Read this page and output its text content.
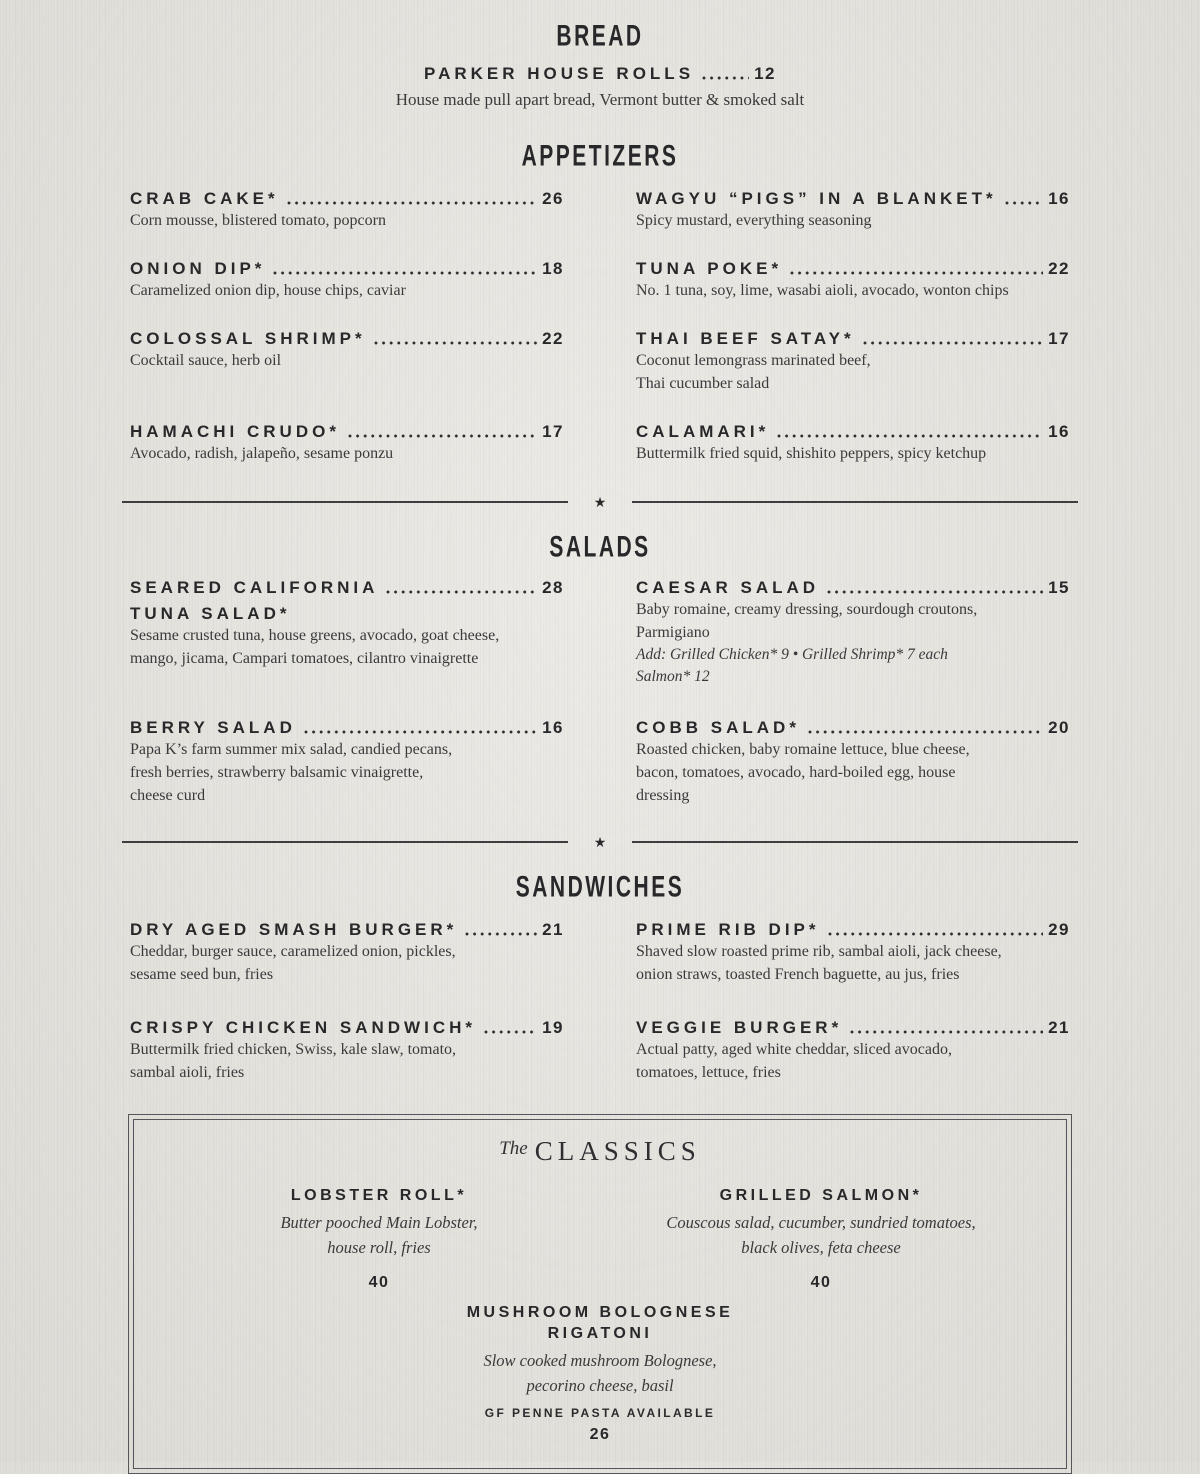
BREAD
PARKER HOUSE ROLLS	12
House made pull apart bread, Vermont butter & smoked salt
APPETIZERS
CRAB CAKE*	26
Corn mousse, blistered tomato, popcorn
WAGYU “PIGS” IN A BLANKET*	16
Spicy mustard, everything seasoning
ONION DIP*	18
Caramelized onion dip, house chips, caviar
TUNA POKE*	22
No. 1 tuna, soy, lime, wasabi aioli, avocado, wonton chips
COLOSSAL SHRIMP*	22
Cocktail sauce, herb oil
THAI BEEF SATAY*	17
Coconut lemongrass marinated beef,
Thai cucumber salad
HAMACHI CRUDO*	17
Avocado, radish, jalapeño, sesame ponzu
CALAMARI*	16
Buttermilk fried squid, shishito peppers, spicy ketchup
★
SALADS
SEARED CALIFORNIA	28
TUNA SALAD*
Sesame crusted tuna, house greens, avocado, goat cheese,
mango, jicama, Campari tomatoes, cilantro vinaigrette
CAESAR SALAD	15
Baby romaine, creamy dressing, sourdough croutons,
Parmigiano
Add: Grilled Chicken* 9 • Grilled Shrimp* 7 each
Salmon* 12
BERRY SALAD	16
Papa K’s farm summer mix salad, candied pecans,
fresh berries, strawberry balsamic vinaigrette,
cheese curd
COBB SALAD*	20
Roasted chicken, baby romaine lettuce, blue cheese,
bacon, tomatoes, avocado, hard-boiled egg, house
dressing
★
SANDWICHES
DRY AGED SMASH BURGER*	21
Cheddar, burger sauce, caramelized onion, pickles,
sesame seed bun, fries
PRIME RIB DIP*	29
Shaved slow roasted prime rib, sambal aioli, jack cheese,
onion straws, toasted French baguette, au jus, fries
CRISPY CHICKEN SANDWICH*	19
Buttermilk fried chicken, Swiss, kale slaw, tomato,
sambal aioli, fries
VEGGIE BURGER*	21
Actual patty, aged white cheddar, sliced avocado,
tomatoes, lettuce, fries
The CLASSICS
LOBSTER ROLL*
Butter pooched Main Lobster,
house roll, fries
40
GRILLED SALMON*
Couscous salad, cucumber, sundried tomatoes,
black olives, feta cheese
40
MUSHROOM BOLOGNESE
RIGATONI
Slow cooked mushroom Bolognese,
pecorino cheese, basil
GF PENNE PASTA AVAILABLE
26
